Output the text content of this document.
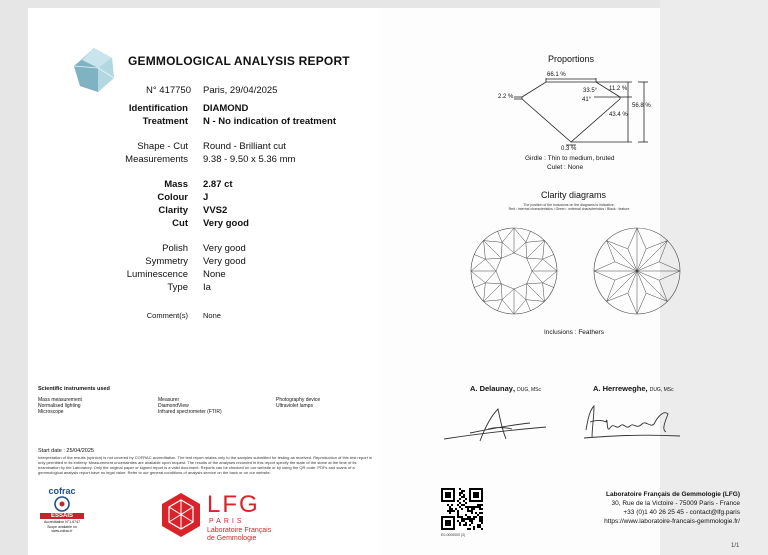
GEMMOLOGICAL ANALYSIS REPORT
N° 417750 Paris, 29/04/2025
Identification DIAMOND
Treatment N - No indication of treatment
Shape - Cut Round - Brilliant cut
Measurements 9.38 - 9.50 x 5.36 mm
Mass 2.87 ct
Colour J
Clarity VVS2
Cut Very good
Polish Very good
Symmetry Very good
Luminescence None
Type Ia
Comment(s) None
Scientific instruments used
Mass measurement
Normalised lighting
Microscope
Measurer
DiamondView
Infrared spectrometer (FTIR)
Photography device
Ultraviolet lamps
Start date : 25/04/2025
Interpretation of the results (opinion) is not covered by COFRAC accreditation. The test report relates only to the samples submitted for testing as received. Reproduction of this test report is only permitted in its entirety. Measurement uncertainties are available upon request. The results of the analyses recorded in this report specify the state of the stone at the time of its examination by the Laboratory. Only the original paper or signed report is a valid document. Reports can be checked on our website or by using the QR code. PDFs and scans of a gemmological analysis report have no legal value. Refer to our general conditions of analysis service on the back or on our website.
cofrac
ESSAIS
Accréditation N°1-6747
Scope available on
www.cofrac.fr
LFG
PARIS
Laboratoire Français
de Gemmologie
Proportions
66.1 %
2.2 %
33.5°
41°
11.2 %
56.8 %
43.4 %
0.3 %
Girdle : Thin to medium, bruted
Culet : None
Clarity diagrams
The position of the inclusions on the diagrams is indicative.
Red : internal characteristics / Green : external characteristics / Black : feature
Inclusions : Feathers
A. Delaunay, DUG, MSc	A. Herreweghe, DUG, MSc
E0-0000000 (2)
Laboratoire Français de Gemmologie (LFG)
30, Rue de la Victoire - 75009 Paris - France
+33 (0)1 40 26 25 45 - contact@lfg.paris
https://www.laboratoire-francais-gemmologie.fr/
1/1
